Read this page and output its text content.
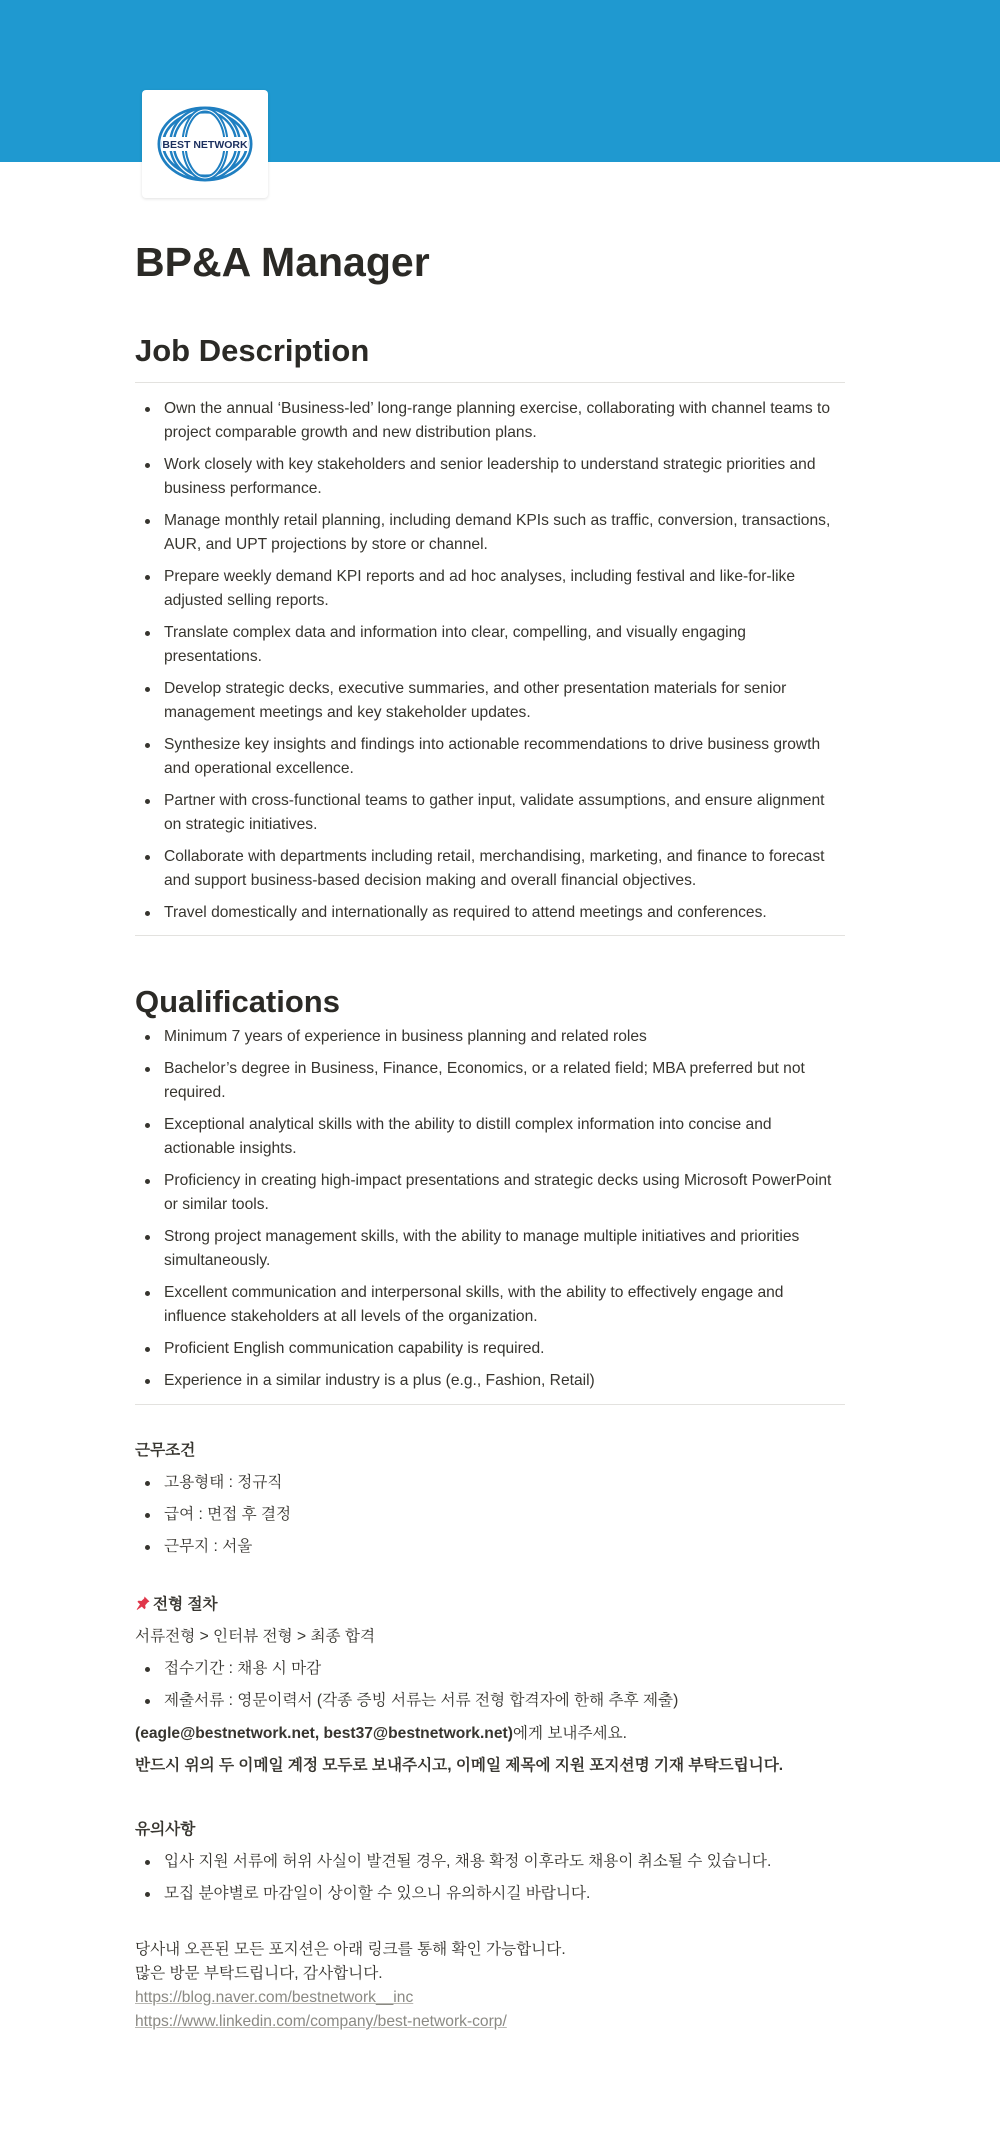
BEST NETWORK
BP&A Manager
Job Description
Own the annual ‘Business-led’ long-range planning exercise, collaborating with channel teams to project comparable growth and new distribution plans.
Work closely with key stakeholders and senior leadership to understand strategic priorities and business performance.
Manage monthly retail planning, including demand KPIs such as traffic, conversion, transactions, AUR, and UPT projections by store or channel.
Prepare weekly demand KPI reports and ad hoc analyses, including festival and like-for-like adjusted selling reports.
Translate complex data and information into clear, compelling, and visually engaging presentations.
Develop strategic decks, executive summaries, and other presentation materials for senior management meetings and key stakeholder updates.
Synthesize key insights and findings into actionable recommendations to drive business growth and operational excellence.
Partner with cross-functional teams to gather input, validate assumptions, and ensure alignment on strategic initiatives.
Collaborate with departments including retail, merchandising, marketing, and finance to forecast and support business-based decision making and overall financial objectives.
Travel domestically and internationally as required to attend meetings and conferences.
Qualifications
Minimum 7 years of experience in business planning and related roles
Bachelor’s degree in Business, Finance, Economics, or a related field; MBA preferred but not required.
Exceptional analytical skills with the ability to distill complex information into concise and actionable insights.
Proficiency in creating high-impact presentations and strategic decks using Microsoft PowerPoint or similar tools.
Strong project management skills, with the ability to manage multiple initiatives and priorities simultaneously.
Excellent communication and interpersonal skills, with the ability to effectively engage and influence stakeholders at all levels of the organization.
Proficient English communication capability is required.
Experience in a similar industry is a plus (e.g., Fashion, Retail)
근무조건
고용형태 : 정규직
급여 : 면접 후 결정
근무지 : 서울
전형 절차
서류전형 > 인터뷰 전형 > 최종 합격
접수기간 : 채용 시 마감
제출서류 : 영문이력서 (각종 증빙 서류는 서류 전형 합격자에 한해 추후 제출)
(eagle@bestnetwork.net, best37@bestnetwork.net)에게 보내주세요.
반드시 위의 두 이메일 계정 모두로 보내주시고, 이메일 제목에 지원 포지션명 기재 부탁드립니다.
유의사항
입사 지원 서류에 허위 사실이 발견될 경우, 채용 확정 이후라도 채용이 취소될 수 있습니다.
모집 분야별로 마감일이 상이할 수 있으니 유의하시길 바랍니다.
당사내 오픈된 모든 포지션은 아래 링크를 통해 확인 가능합니다.
많은 방문 부탁드립니다, 감사합니다.
https://blog.naver.com/bestnetwork__inc
https://www.linkedin.com/company/best-network-corp/
